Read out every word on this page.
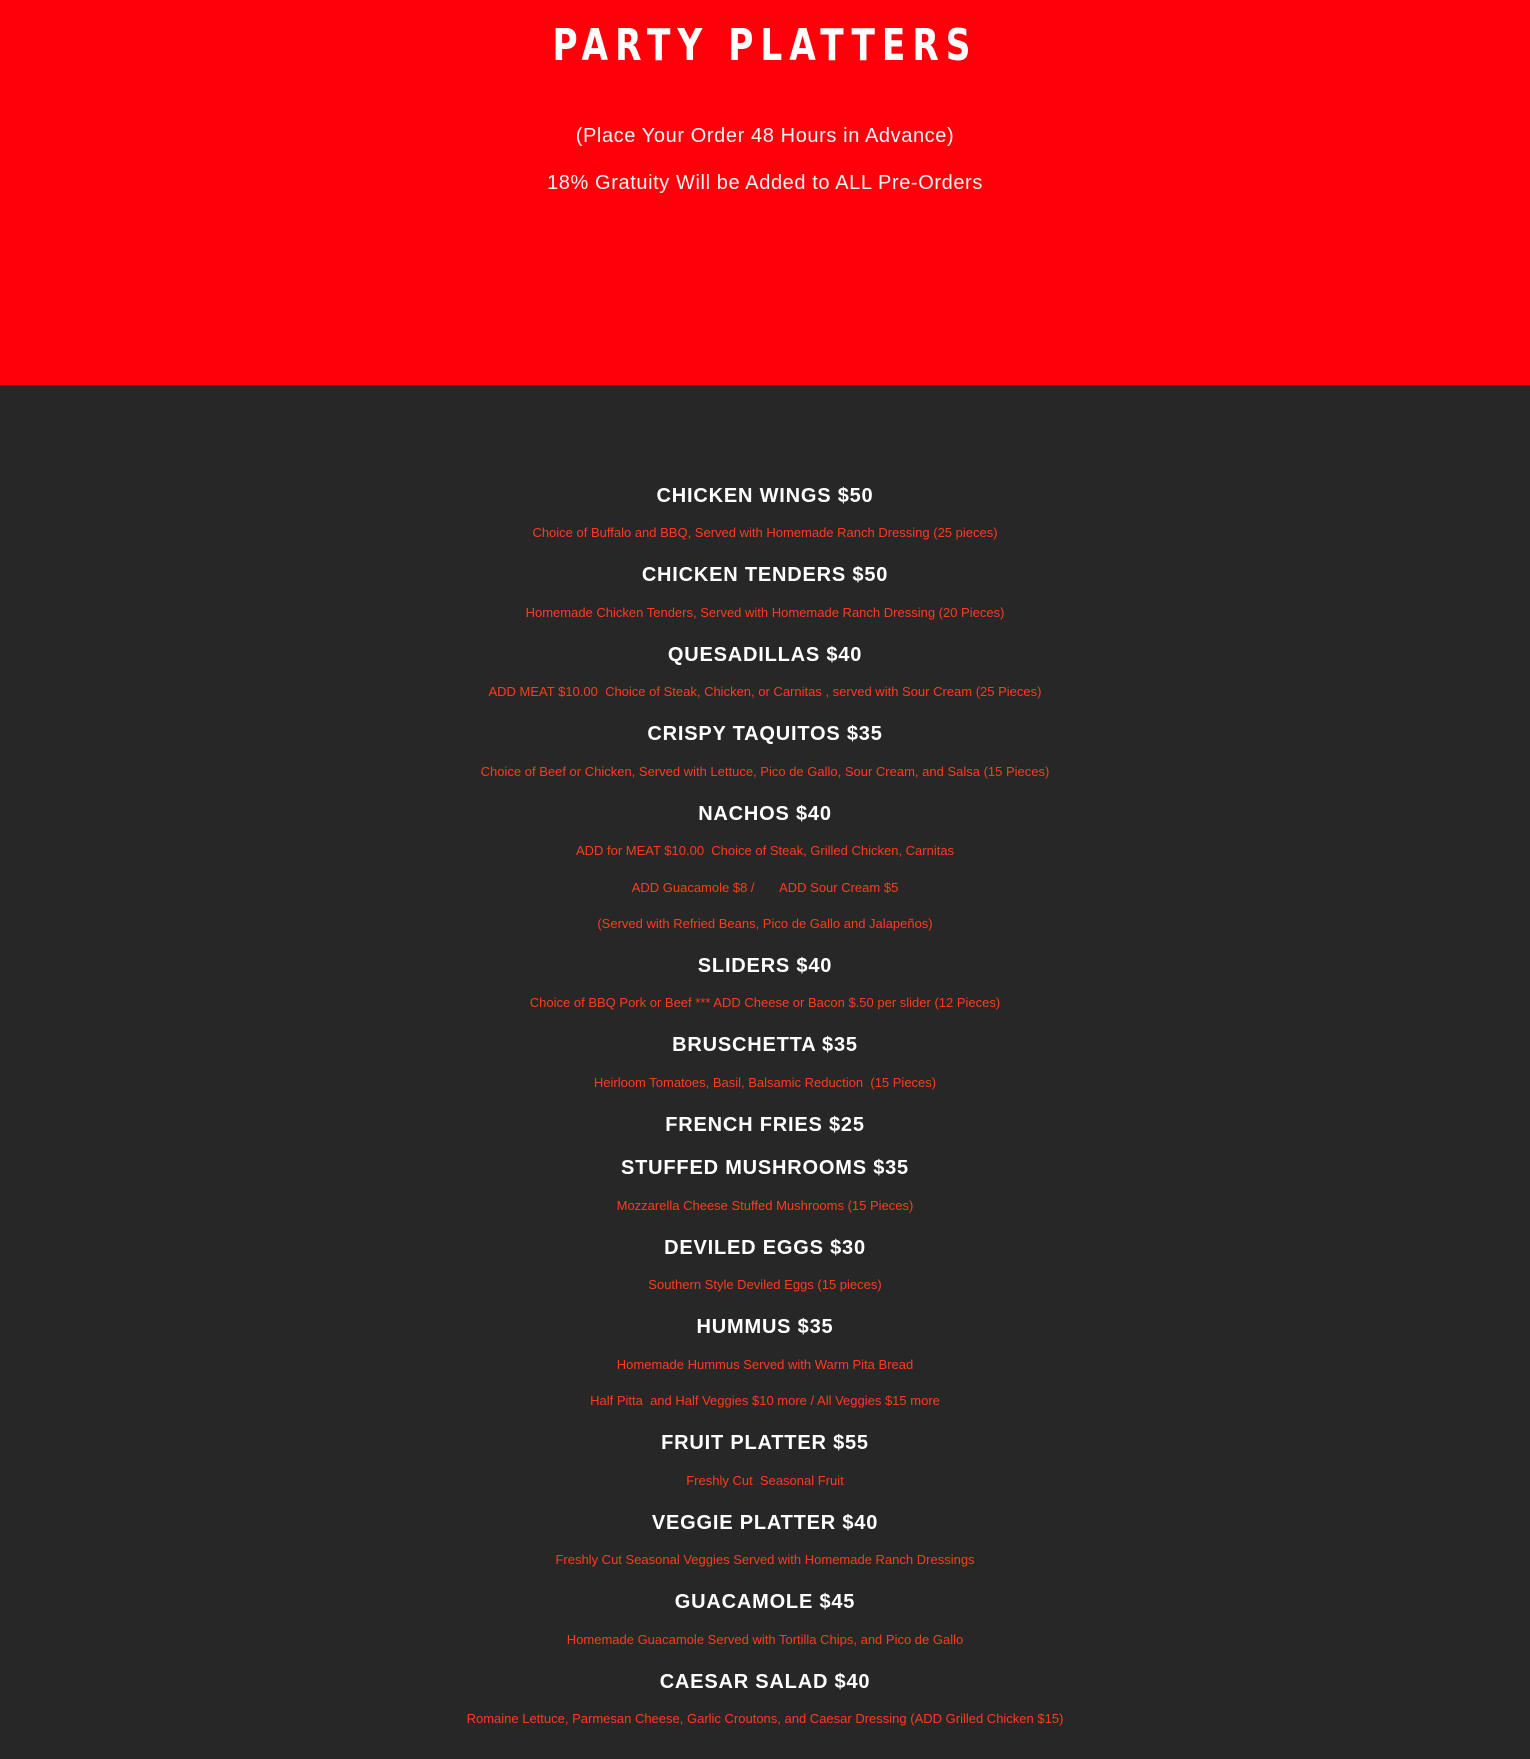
PARTY PLATTERS
(Place Your Order 48 Hours in Advance)
18% Gratuity Will be Added to ALL Pre-Orders
CHICKEN WINGS $50
Choice of Buffalo and BBQ, Served with Homemade Ranch Dressing (25 pieces)
CHICKEN TENDERS $50
Homemade Chicken Tenders, Served with Homemade Ranch Dressing (20 Pieces)
QUESADILLAS $40
ADD MEAT $10.00  Choice of Steak, Chicken, or Carnitas , served with Sour Cream (25 Pieces)
CRISPY TAQUITOS $35
Choice of Beef or Chicken, Served with Lettuce, Pico de Gallo, Sour Cream, and Salsa (15 Pieces)
NACHOS $40
ADD for MEAT $10.00  Choice of Steak, Grilled Chicken, Carnitas
ADD Guacamole $8 /       ADD Sour Cream $5
(Served with Refried Beans, Pico de Gallo and Jalapeños)
SLIDERS $40
Choice of BBQ Pork or Beef *** ADD Cheese or Bacon $.50 per slider (12 Pieces)
BRUSCHETTA $35
Heirloom Tomatoes, Basil, Balsamic Reduction  (15 Pieces)
FRENCH FRIES $25
STUFFED MUSHROOMS $35
Mozzarella Cheese Stuffed Mushrooms (15 Pieces)
DEVILED EGGS $30
Southern Style Deviled Eggs (15 pieces)
HUMMUS $35
Homemade Hummus Served with Warm Pita Bread
Half Pitta  and Half Veggies $10 more / All Veggies $15 more
FRUIT PLATTER $55
Freshly Cut  Seasonal Fruit
VEGGIE PLATTER $40
Freshly Cut Seasonal Veggies Served with Homemade Ranch Dressings
GUACAMOLE $45
Homemade Guacamole Served with Tortilla Chips, and Pico de Gallo
CAESAR SALAD $40
Romaine Lettuce, Parmesan Cheese, Garlic Croutons, and Caesar Dressing (ADD Grilled Chicken $15)
